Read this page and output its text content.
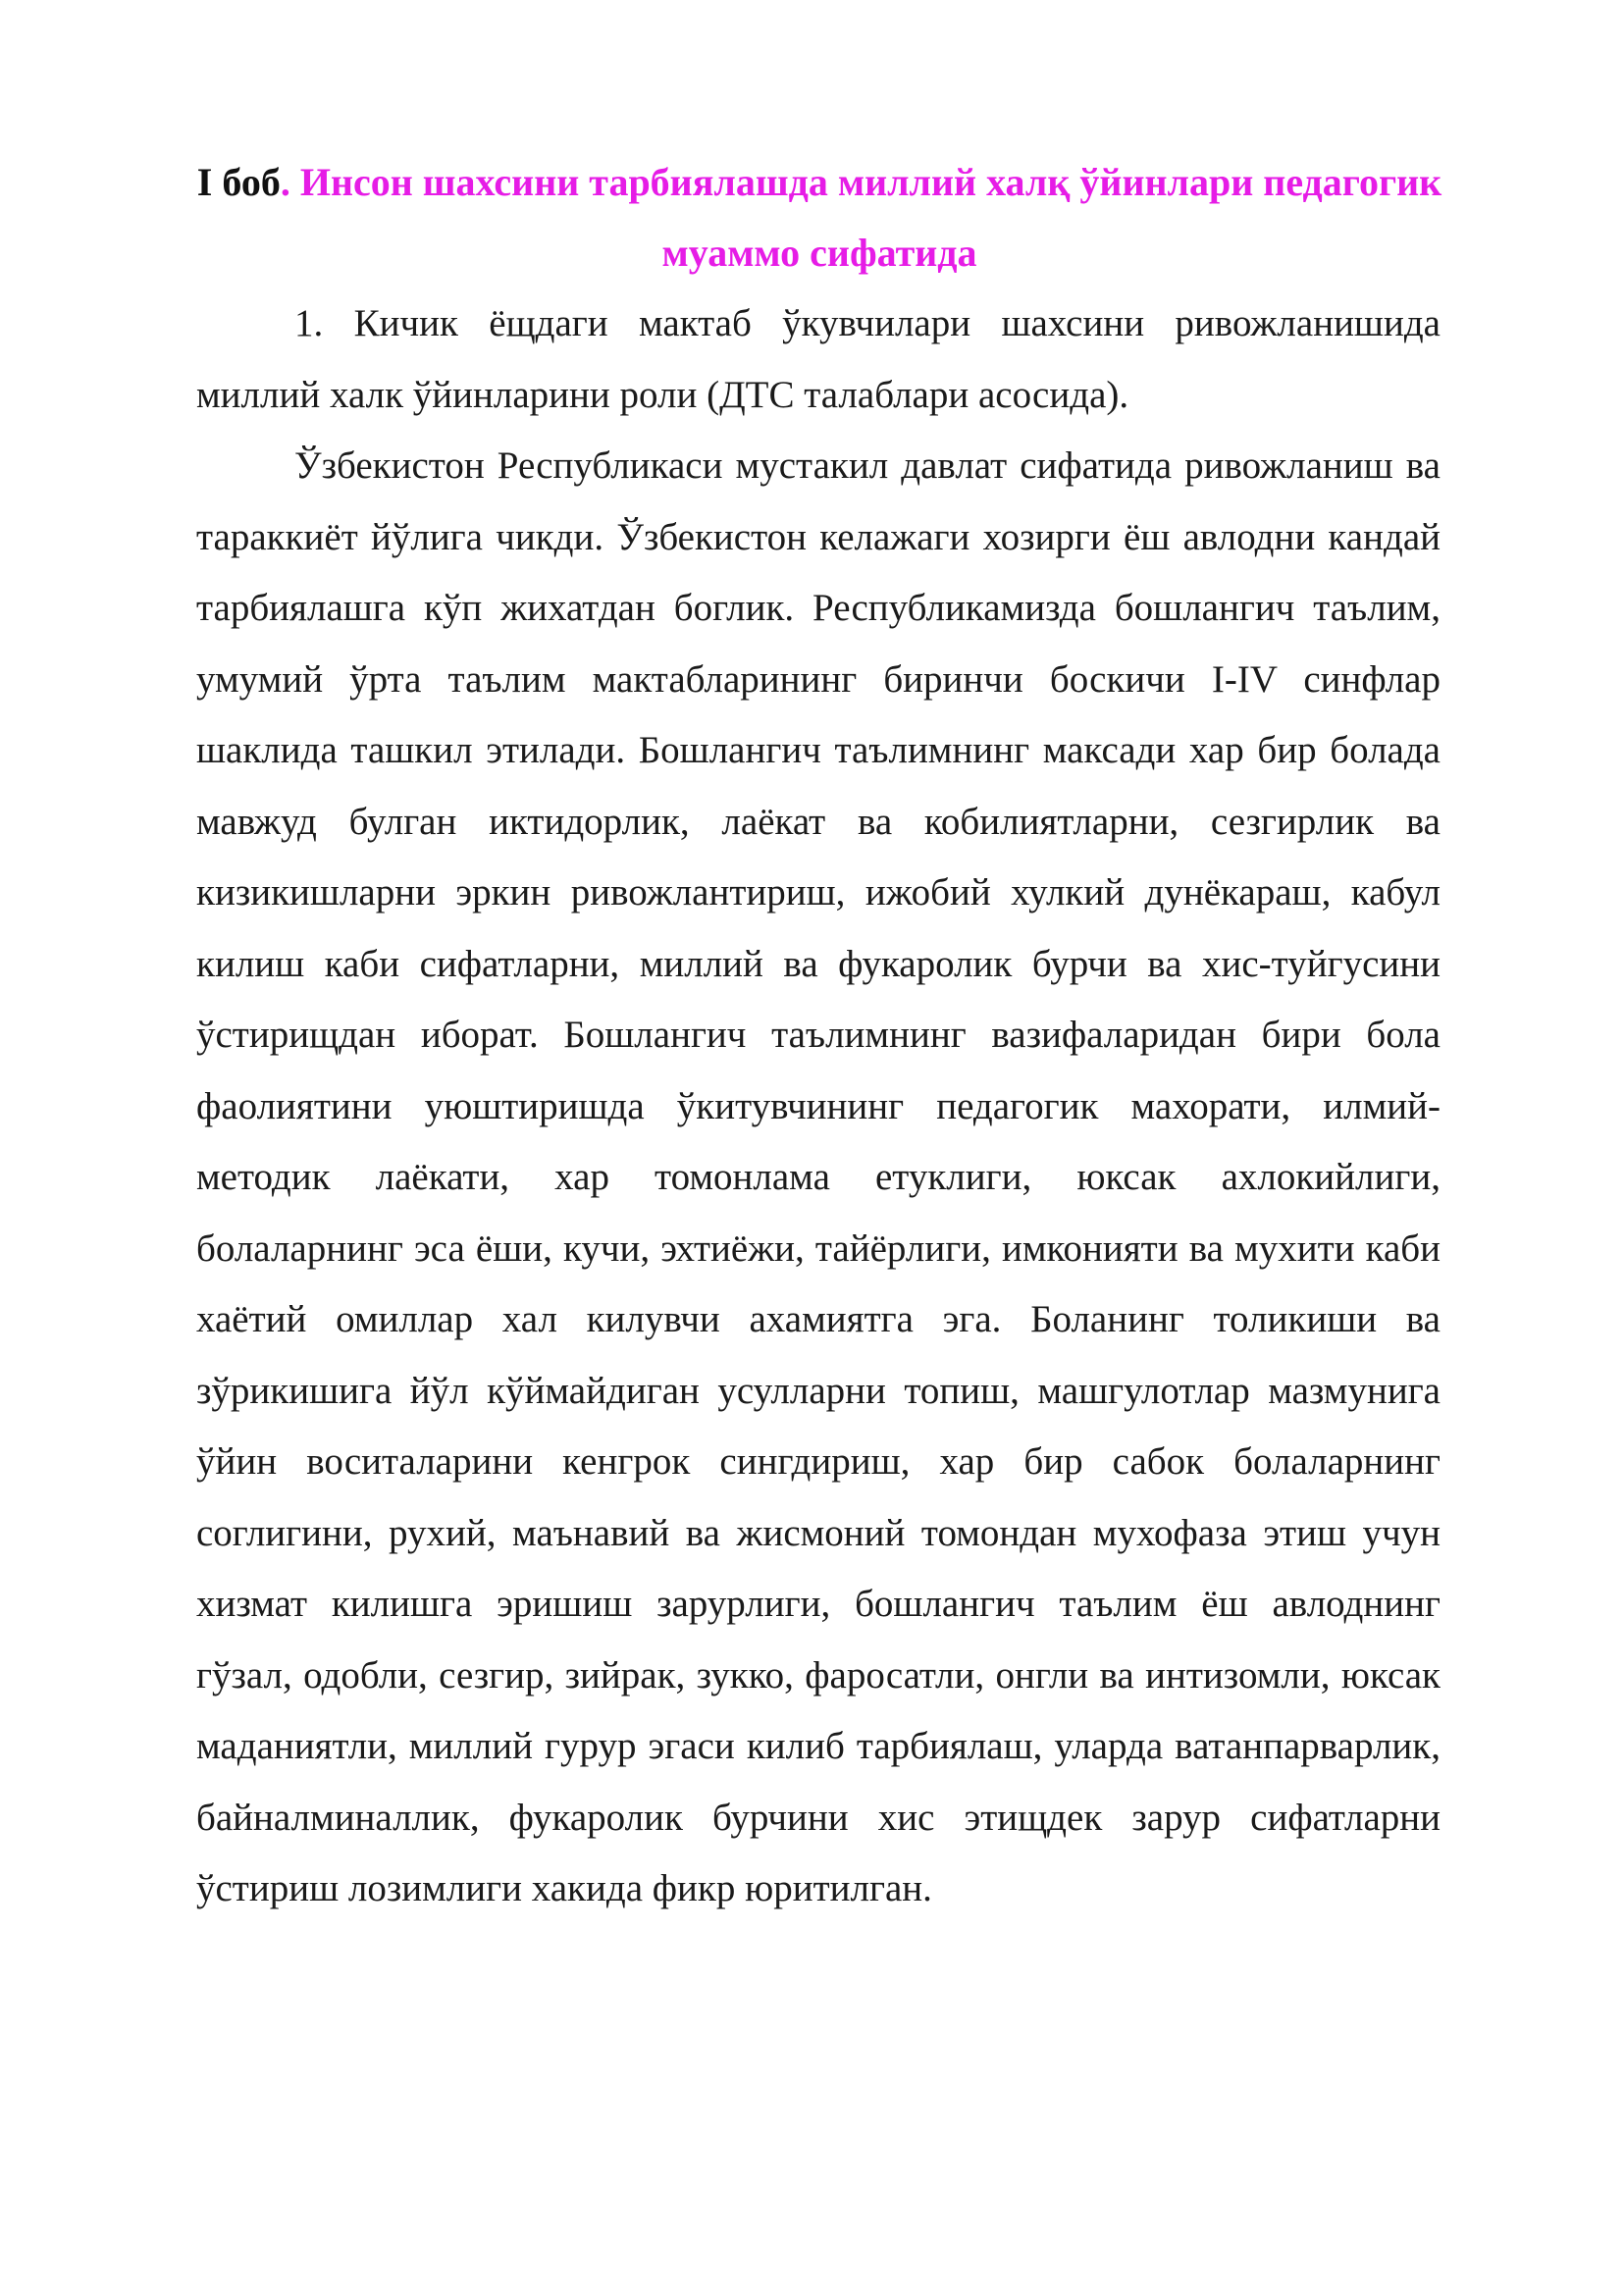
I боб. Инсон шахсини тарбиялашда миллий халқ ўйинлари педагогик муаммо сифатида

1. Кичик ёщдаги мактаб ўкувчилари шахсини ривожланишида миллий халк ўйинларини роли (ДТС талаблари асосида).

Ўзбекистон Республикаси мустакил давлат сифатида ривожланиш ва тараккиёт йўлига чикди. Ўзбекистон келажаги хозирги ёш авлодни кандай тарбиялашга кўп жихатдан боглик. Республикамизда бошлангич таълим, умумий ўрта таълим мактабларининг биринчи боскичи I-IV синфлар шаклида ташкил этилади. Бошлангич таълимнинг максади хар бир болада мавжуд булган иктидорлик, лаёкат ва кобилиятларни, сезгирлик ва кизикишларни эркин ривожлантириш, ижобий хулкий дунёкараш, кабул килиш каби сифатларни, миллий ва фукаролик бурчи ва хис-туйгусини ўстирищдан иборат. Бошлангич таълимнинг вазифаларидан бири бола фаолиятини уюштиришда ўкитувчининг педагогик махорати, илмий-методик лаёкати, хар томонлама етуклиги, юксак ахлокийлиги, болаларнинг эса ёши, кучи, эхтиёжи, тайёрлиги, имконияти ва мухити каби хаётий омиллар хал килувчи ахамиятга эга. Боланинг толикиши ва зўрикишига йўл кўймайдиган усулларни топиш, машгулотлар мазмунига ўйин воситаларини кенгрок сингдириш, хар бир сабок болаларнинг соглигини, рухий, маънавий ва жисмоний томондан мухофаза этиш учун хизмат килишга эришиш зарурлиги, бошлангич таълим ёш авлоднинг гўзал, одобли, сезгир, зийрак, зукко, фаросатли, онгли ва интизомли, юксак маданиятли, миллий гурур эгаси килиб тарбиялаш, уларда ватанпарварлик, байналминаллик, фукаролик бурчини хис этищдек зарур сифатларни ўстириш лозимлиги хакида фикр юритилган.
